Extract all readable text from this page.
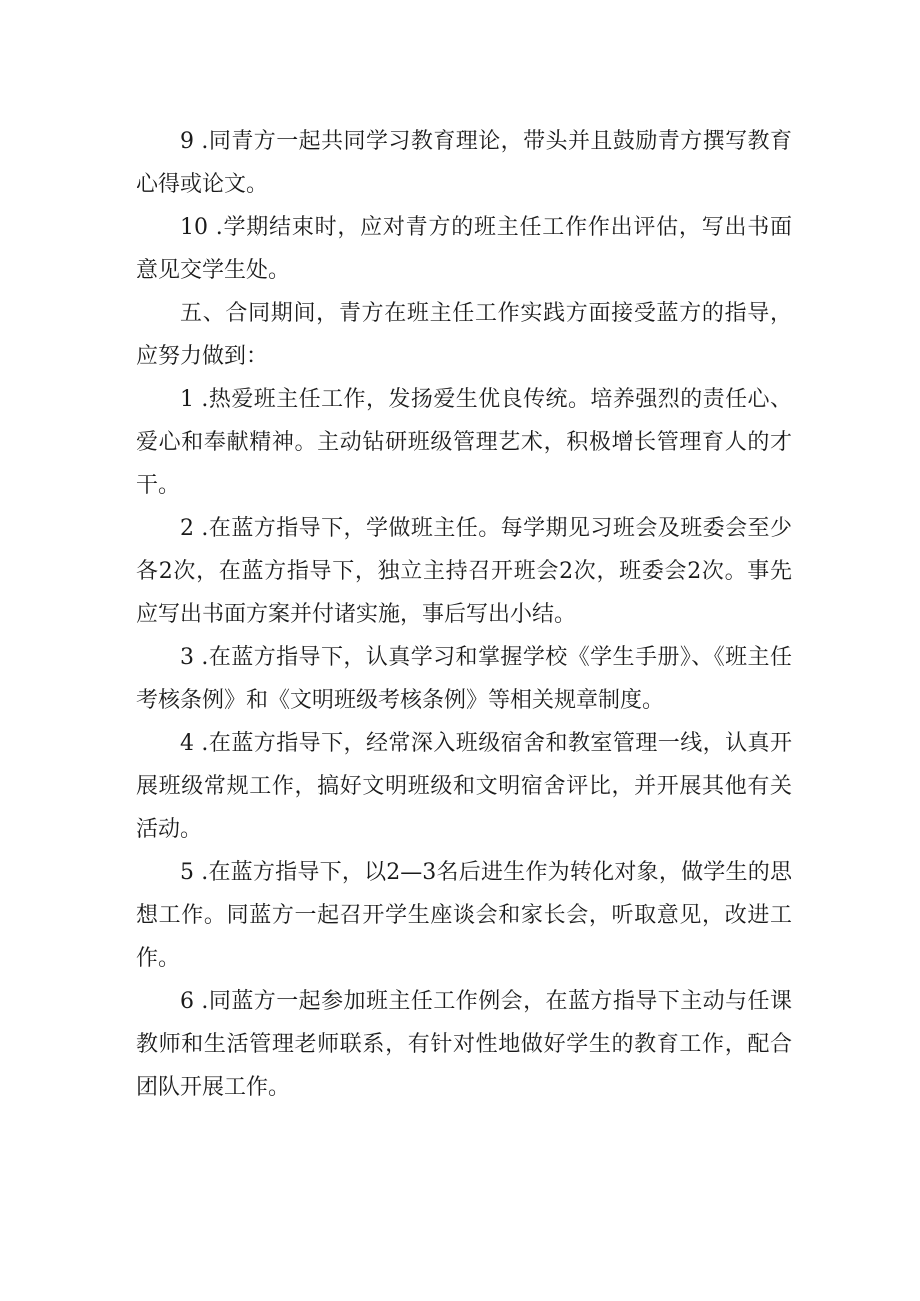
9 .同青方一起共同学习教育理论，带头并且鼓励青方撰写教育心得或论文。

10 .学期结束时，应对青方的班主任工作作出评估，写出书面意见交学生处。

五、合同期间，青方在班主任工作实践方面接受蓝方的指导，应努力做到：

1 .热爱班主任工作，发扬爱生优良传统。培养强烈的责任心、爱心和奉献精神。主动钻研班级管理艺术，积极增长管理育人的才干。

2 .在蓝方指导下，学做班主任。每学期见习班会及班委会至少各2次，在蓝方指导下，独立主持召开班会2次，班委会2次。事先应写出书面方案并付诸实施，事后写出小结。

3 .在蓝方指导下，认真学习和掌握学校《学生手册》、《班主任考核条例》和《文明班级考核条例》等相关规章制度。

4 .在蓝方指导下，经常深入班级宿舍和教室管理一线，认真开展班级常规工作，搞好文明班级和文明宿舍评比，并开展其他有关活动。

5 .在蓝方指导下，以2—3名后进生作为转化对象，做学生的思想工作。同蓝方一起召开学生座谈会和家长会，听取意见，改进工作。

6 .同蓝方一起参加班主任工作例会，在蓝方指导下主动与任课教师和生活管理老师联系，有针对性地做好学生的教育工作，配合团队开展工作。
